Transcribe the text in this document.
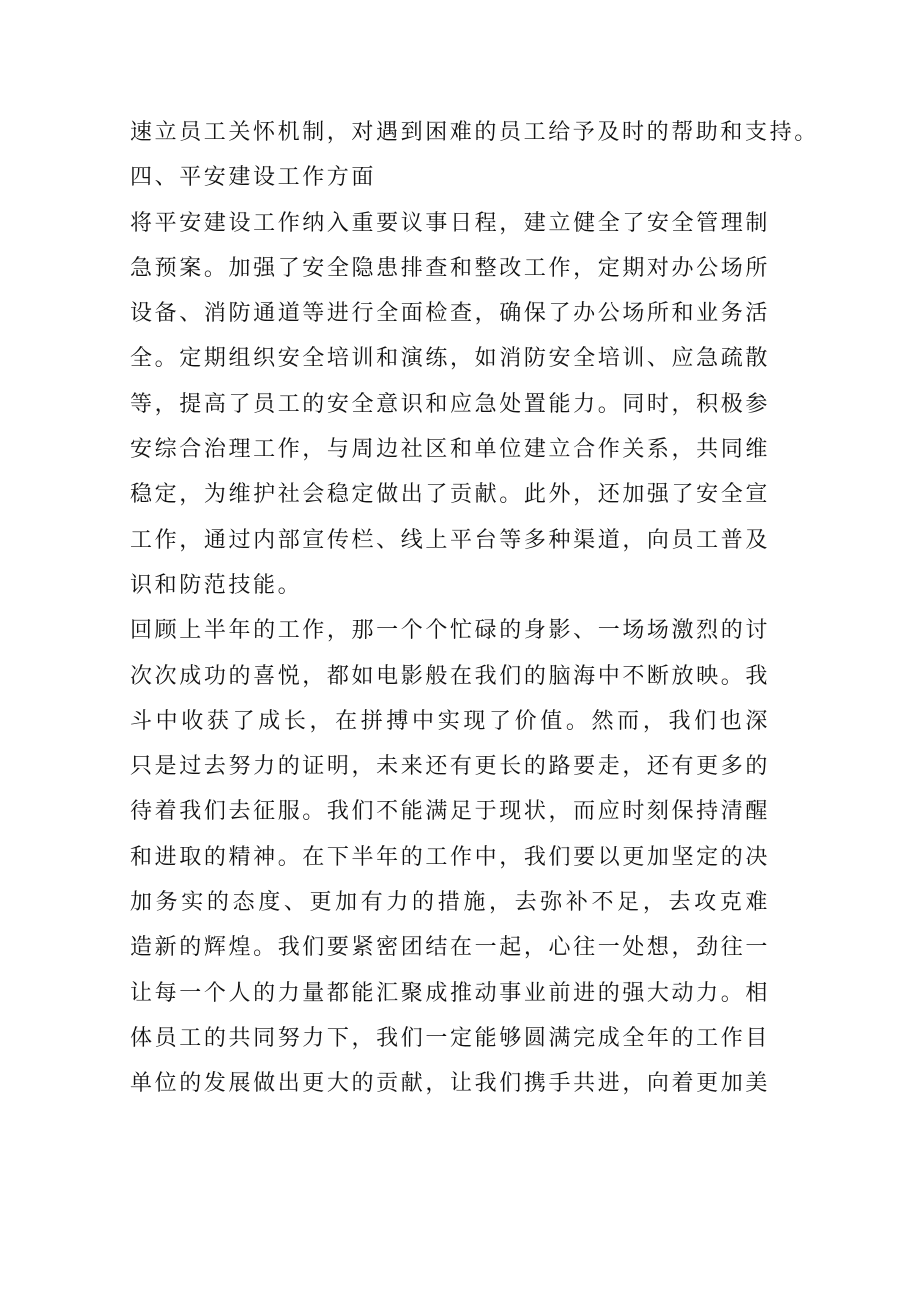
速立员工关怀机制，对遇到困难的员工给予及时的帮助和支持。
四、平安建设工作方面
将平安建设工作纳入重要议事日程，建立健全了安全管理制
急预案。加强了安全隐患排查和整改工作，定期对办公场所
设备、消防通道等进行全面检查，确保了办公场所和业务活
全。定期组织安全培训和演练，如消防安全培训、应急疏散
等，提高了员工的安全意识和应急处置能力。同时，积极参
安综合治理工作，与周边社区和单位建立合作关系，共同维
稳定，为维护社会稳定做出了贡献。此外，还加强了安全宣
工作，通过内部宣传栏、线上平台等多种渠道，向员工普及
识和防范技能。
回顾上半年的工作，那一个个忙碌的身影、一场场激烈的讨
次次成功的喜悦，都如电影般在我们的脑海中不断放映。我
斗中收获了成长，在拼搏中实现了价值。然而，我们也深
只是过去努力的证明，未来还有更长的路要走，还有更多的
待着我们去征服。我们不能满足于现状，而应时刻保持清醒
和进取的精神。在下半年的工作中，我们要以更加坚定的决
加务实的态度、更加有力的措施，去弥补不足，去攻克难
造新的辉煌。我们要紧密团结在一起，心往一处想，劲往一
让每一个人的力量都能汇聚成推动事业前进的强大动力。相
体员工的共同努力下，我们一定能够圆满完成全年的工作目
单位的发展做出更大的贡献，让我们携手共进，向着更加美
